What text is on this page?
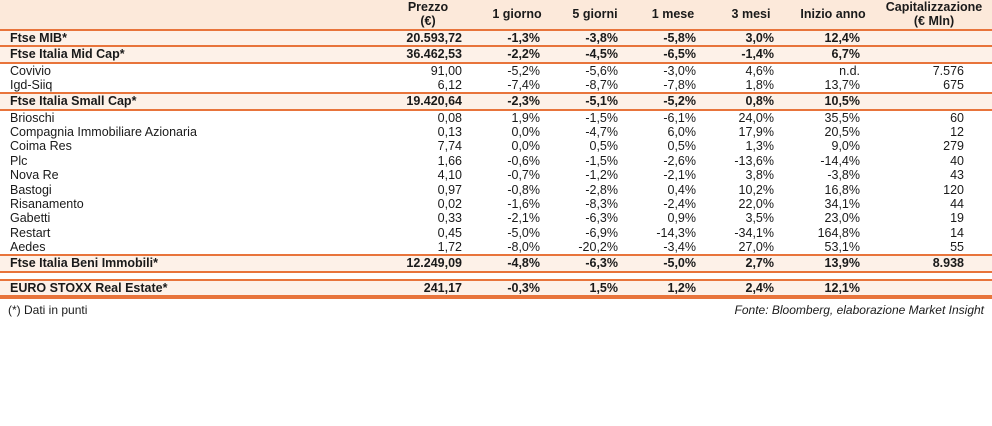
	Prezzo
(€)	1 giorno	5 giorni	1 mese	3 mesi	Inizio anno	Capitalizzazione
(€ Mln)

Ftse MIB*	20.593,72	-1,3%	-3,8%	-5,8%	3,0%	12,4%	
Ftse Italia Mid Cap*	36.462,53	-2,2%	-4,5%	-6,5%	-1,4%	6,7%	
Covivio	91,00	-5,2%	-5,6%	-3,0%	4,6%	n.d.	7.576
Igd-Siiq	6,12	-7,4%	-8,7%	-7,8%	1,8%	13,7%	675
Ftse Italia Small Cap*	19.420,64	-2,3%	-5,1%	-5,2%	0,8%	10,5%	
Brioschi	0,08	1,9%	-1,5%	-6,1%	24,0%	35,5%	60
Compagnia Immobiliare Azionaria	0,13	0,0%	-4,7%	6,0%	17,9%	20,5%	12
Coima Res	7,74	0,0%	0,5%	0,5%	1,3%	9,0%	279
Plc	1,66	-0,6%	-1,5%	-2,6%	-13,6%	-14,4%	40
Nova Re	4,10	-0,7%	-1,2%	-2,1%	3,8%	-3,8%	43
Bastogi	0,97	-0,8%	-2,8%	0,4%	10,2%	16,8%	120
Risanamento	0,02	-1,6%	-8,3%	-2,4%	22,0%	34,1%	44
Gabetti	0,33	-2,1%	-6,3%	0,9%	3,5%	23,0%	19
Restart	0,45	-5,0%	-6,9%	-14,3%	-34,1%	164,8%	14
Aedes	1,72	-8,0%	-20,2%	-3,4%	27,0%	53,1%	55
Ftse Italia Beni Immobili*	12.249,09	-4,8%	-6,3%	-5,0%	2,7%	13,9%	8.938

EURO STOXX Real Estate*	241,17	-0,3%	1,5%	1,2%	2,4%	12,1%	
(*) Dati in punti	Fonte: Bloomberg, elaborazione Market Insight
